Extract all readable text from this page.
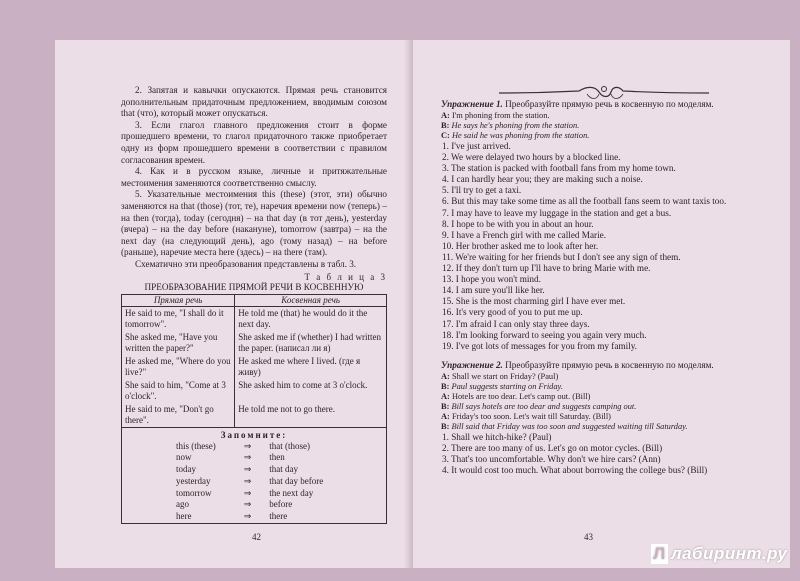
2. Запятая и кавычки опускаются. Прямая речь становится дополнительным придаточным предложением, вводимым союзом that (что), который может опускаться.

3. Если глагол главного предложения стоит в форме прошедшего времени, то глагол придаточного также приобретает одну из форм прошедшего времени в соответствии с правилом согласования времен.

4. Как и в русском языке, личные и притяжательные местоимения заменяются соответственно смыслу.

5. Указательные местоимения this (these) (этот, эти) обычно заменяются на that (those) (тот, те), наречия времени now (теперь) – на then (тогда), today (сегодня) – на that day (в тот день), yesterday (вчера) – на the day before (накануне), tomorrow (завтра) – на the next day (на следующий день), ago (тому назад) – на before (раньше), наречие места here (здесь) – на there (там).

Схематично эти преобразования представлены в табл. 3.

Т а б л и ц а 3
ПРЕОБРАЗОВАНИЕ ПРЯМОЙ РЕЧИ В КОСВЕННУЮ
Прямая речь	Косвенная речь
He said to me, "I shall do it tomorrow".	He told me (that) he would do it the next day.
She asked me, "Have you written the paper?"	She asked me if (whether) I had written the paper. (написал ли я)
He asked me, "Where do you live?"	He asked me where I lived. (где я живу)
She said to him, "Come at 3 o'clock".	She asked him to come at 3 o'clock.
He said to me, "Don't go there".	He told me not to go there.
Запомните:
this (these)	⇒	that (those)
now	⇒	then
today	⇒	that day
yesterday	⇒	that day before
tomorrow	⇒	the next day
ago	⇒	before
here	⇒	there
42
Упражнение 1. Преобразуйте прямую речь в косвенную по моделям.
A: I'm phoning from the station.
B: He says he's phoning from the station.
C: He said he was phoning from the station.
1. I've just arrived.
2. We were delayed two hours by a blocked line.
3. The station is packed with football fans from my home town.
4. I can hardly hear you; they are making such a noise.
5. I'll try to get a taxi.
6. But this may take some time as all the football fans seem to want taxis too.
7. I may have to leave my luggage in the station and get a bus.
8. I hope to be with you in about an hour.
9. I have a French girl with me called Marie.
10. Her brother asked me to look after her.
11. We're waiting for her friends but I don't see any sign of them.
12. If they don't turn up I'll have to bring Marie with me.
13. I hope you won't mind.
14. I am sure you'll like her.
15. She is the most charming girl I have ever met.
16. It's very good of you to put me up.
17. I'm afraid I can only stay three days.
18. I'm looking forward to seeing you again very much.
19. I've got lots of messages for you from my family.
Упражнение 2. Преобразуйте прямую речь в косвенную по моделям.
A: Shall we start on Friday? (Paul)
B: Paul suggests starting on Friday.
A: Hotels are too dear. Let's camp out. (Bill)
B: Bill says hotels are too dear and suggests camping out.
A: Friday's too soon. Let's wait till Saturday. (Bill)
B: Bill said that Friday was too soon and suggested waiting till Saturday.
1. Shall we hitch-hike? (Paul)
2. There are too many of us. Let's go on motor cycles. (Bill)
3. That's too uncomfortable. Why don't we hire cars? (Ann)
4. It would cost too much. What about borrowing the college bus? (Bill)
43
Л лабиринт.ру
